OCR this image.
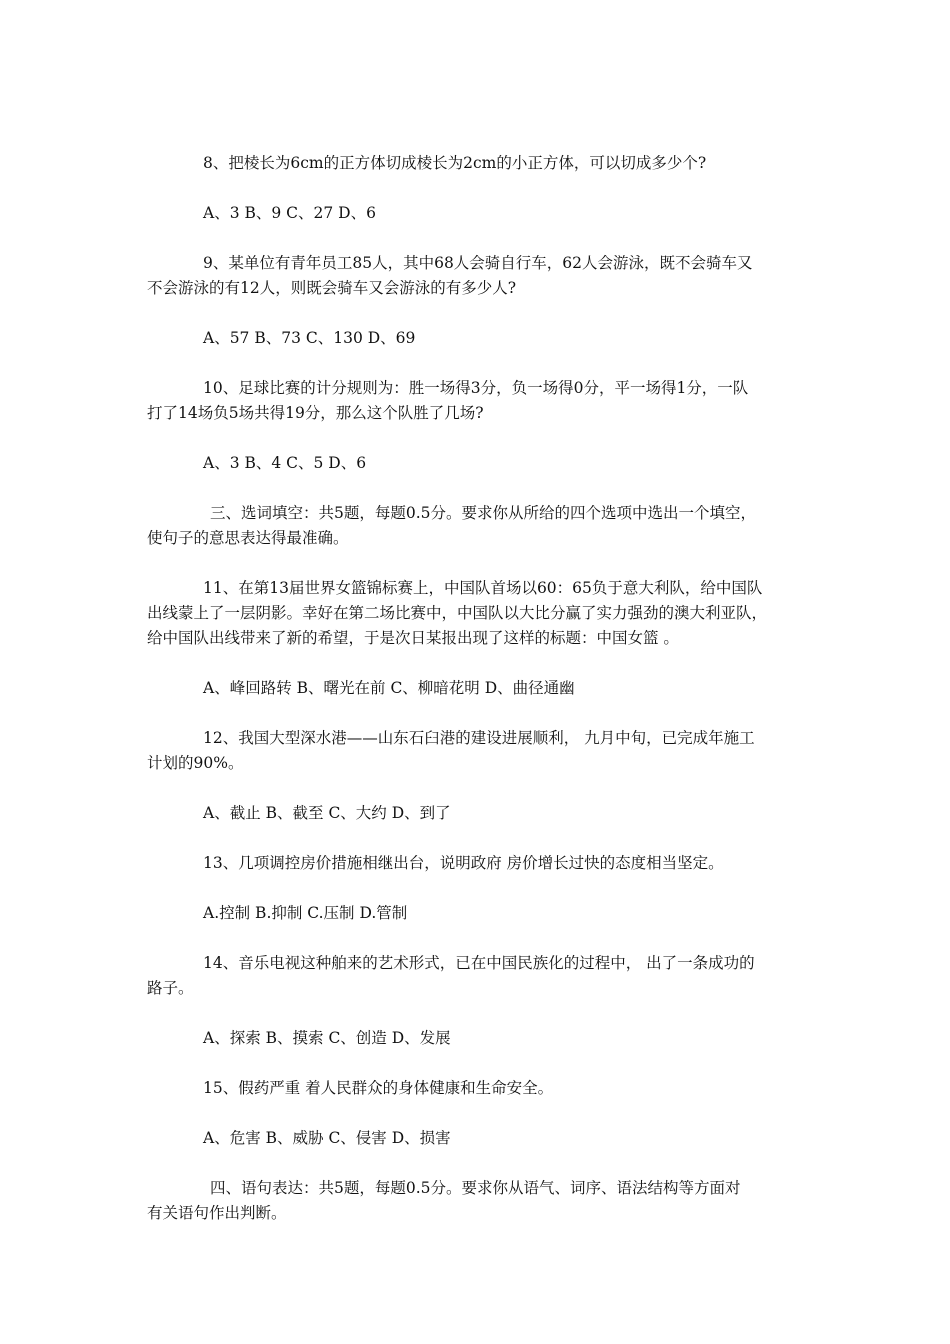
8、把棱长为6cm的正方体切成棱长为2cm的小正方体，可以切成多少个?
A、3 B、9 C、27 D、6
9、某单位有青年员工85人，其中68人会骑自行车，62人会游泳，既不会骑车又
不会游泳的有12人，则既会骑车又会游泳的有多少人?
A、57 B、73 C、130 D、69
10、足球比赛的计分规则为：胜一场得3分，负一场得0分，平一场得1分，一队
打了14场负5场共得19分，那么这个队胜了几场?
A、3 B、4 C、5 D、6
三、选词填空：共5题，每题0.5分。要求你从所给的四个选项中选出一个填空，
使句子的意思表达得最准确。
11、在第13届世界女篮锦标赛上，中国队首场以60：65负于意大利队，给中国队
出线蒙上了一层阴影。幸好在第二场比赛中，中国队以大比分赢了实力强劲的澳大利亚队，
给中国队出线带来了新的希望，于是次日某报出现了这样的标题：中国女篮 。
A、峰回路转 B、曙光在前 C、柳暗花明 D、曲径通幽
12、我国大型深水港——山东石臼港的建设进展顺利， 九月中旬，已完成年施工
计划的90%。
A、截止 B、截至 C、大约 D、到了
13、几项调控房价措施相继出台，说明政府 房价增长过快的态度相当坚定。
A.控制 B.抑制 C.压制 D.管制
14、音乐电视这种舶来的艺术形式，已在中国民族化的过程中， 出了一条成功的
路子。
A、探索 B、摸索 C、创造 D、发展
15、假药严重 着人民群众的身体健康和生命安全。
A、危害 B、威胁 C、侵害 D、损害
四、语句表达：共5题，每题0.5分。要求你从语气、词序、语法结构等方面对
有关语句作出判断。
